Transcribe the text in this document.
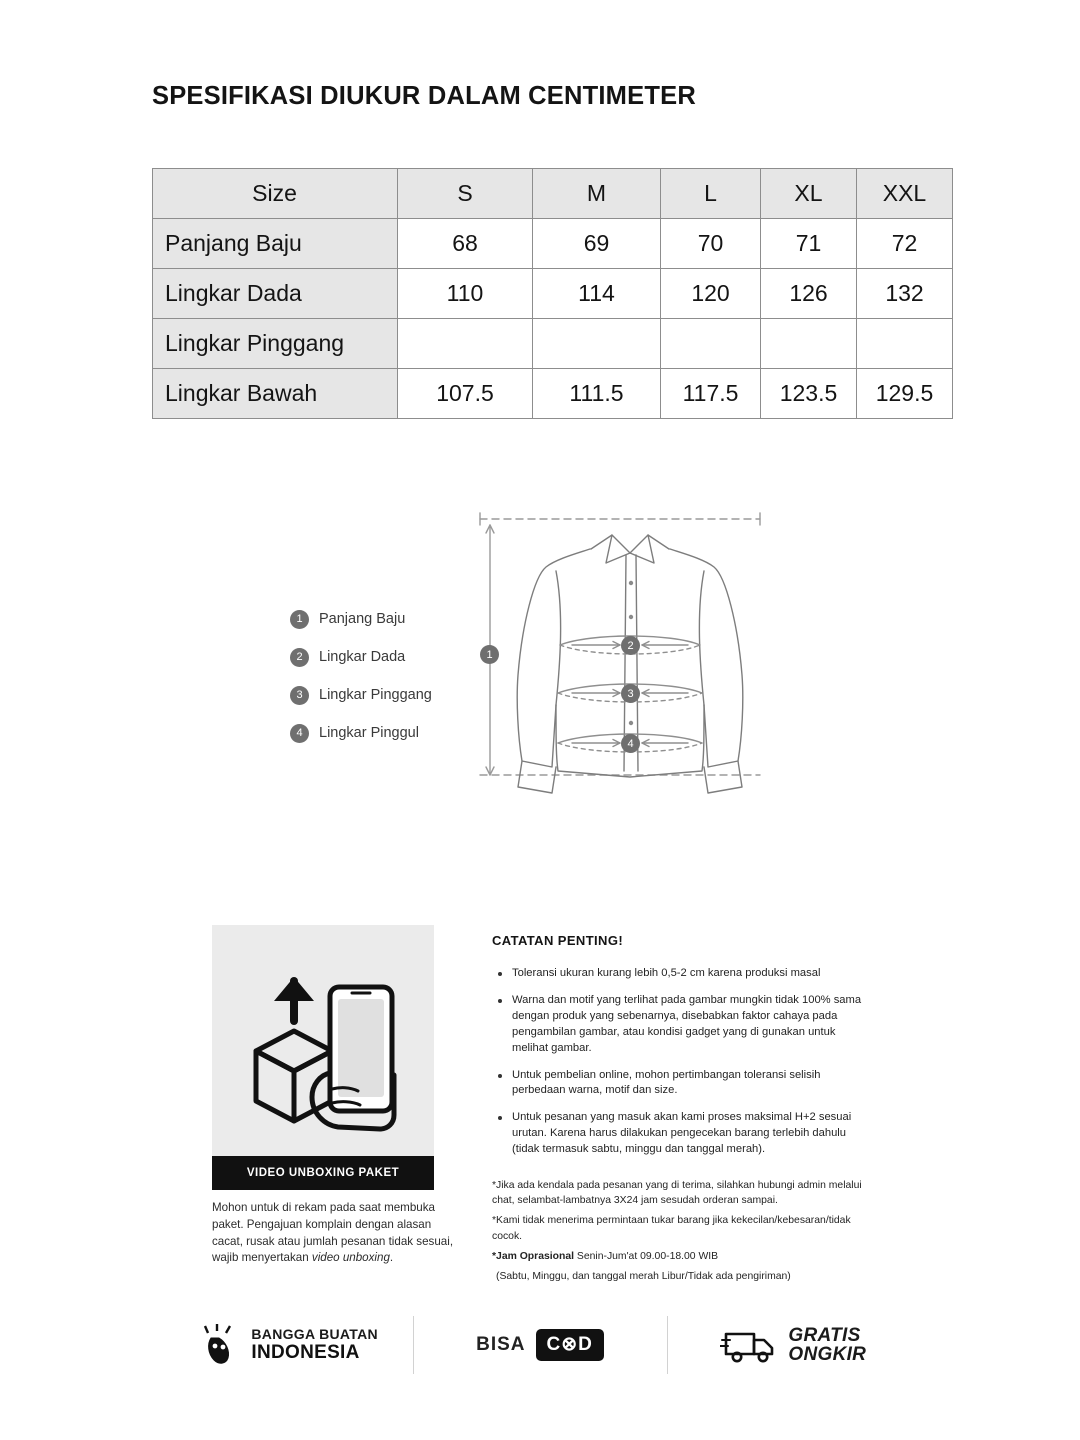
SPESIFIKASI DIUKUR DALAM CENTIMETER
Size	S	M	L	XL	XXL
Panjang Baju	68	69	70	71	72
Lingkar Dada	110	114	120	126	132
Lingkar Pinggang					
Lingkar Bawah	107.5	111.5	117.5	123.5	129.5
1	Panjang Baju
2	Lingkar Dada
3	Lingkar Pinggang
4	Lingkar Pinggul
1
2
3
4
VIDEO UNBOXING PAKET
Mohon untuk di rekam pada saat membuka paket. Pengajuan komplain dengan alasan cacat, rusak atau jumlah pesanan tidak sesuai, wajib menyertakan video unboxing.
CATATAN PENTING!
Toleransi ukuran kurang lebih 0,5-2 cm karena produksi masal
Warna dan motif yang terlihat pada gambar mungkin tidak 100% sama dengan produk yang sebenarnya, disebabkan faktor cahaya pada pengambilan gambar, atau kondisi gadget yang di gunakan untuk melihat gambar.
Untuk pembelian online, mohon pertimbangan toleransi selisih perbedaan warna, motif dan size.
Untuk pesanan yang masuk akan kami proses maksimal H+2 sesuai urutan. Karena harus dilakukan pengecekan barang terlebih dahulu (tidak termasuk sabtu, minggu dan tanggal merah).

*Jika ada kendala pada pesanan yang di terima, silahkan hubungi admin melalui chat, selambat-lambatnya 3X24 jam sesudah orderan sampai.

*Kami tidak menerima permintaan tukar barang jika kekecilan/kebesaran/tidak cocok.

*Jam Oprasional Senin-Jum'at 09.00-18.00 WIB

(Sabtu, Minggu, dan tanggal merah Libur/Tidak ada pengiriman)

BANGGA BUATAN
INDONESIA	BISA	C⊗D	GRATIS
ONGKIR
